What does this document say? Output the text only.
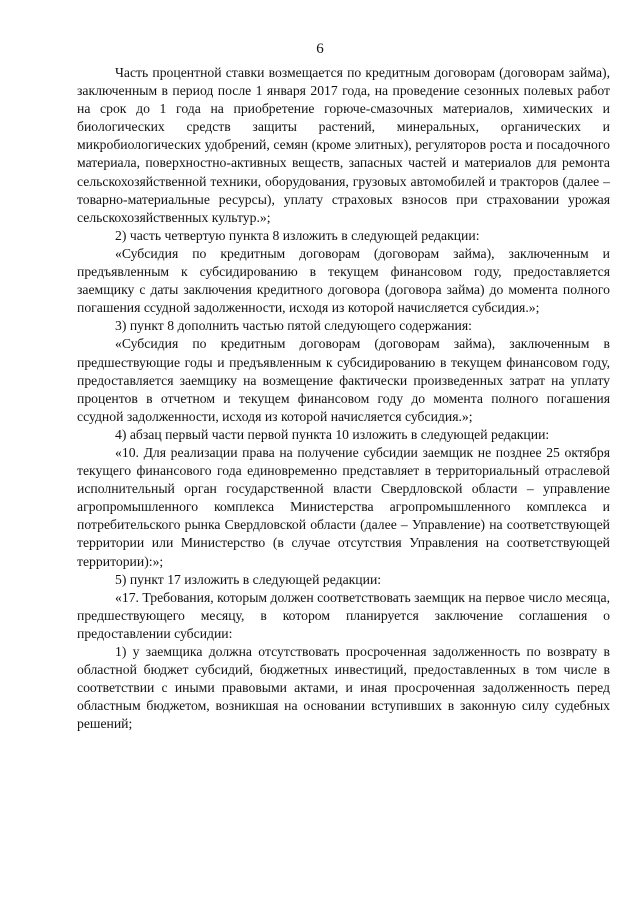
6

Часть процентной ставки возмещается по кредитным договорам (договорам займа), заключенным в период после 1 января 2017 года, на проведение сезонных полевых работ на срок до 1 года на приобретение горюче-смазочных материалов, химических и биологических средств защиты растений, минеральных, органических и микробиологических удобрений, семян (кроме элитных), регуляторов роста и посадочного материала, поверхностно-активных веществ, запасных частей и материалов для ремонта сельскохозяйственной техники, оборудования, грузовых автомобилей и тракторов (далее – товарно-материальные ресурсы), уплату страховых взносов при страховании урожая сельскохозяйственных культур.»;

2) часть четвертую пункта 8 изложить в следующей редакции:

«Субсидия по кредитным договорам (договорам займа), заключенным и предъявленным к субсидированию в текущем финансовом году, предоставляется заемщику с даты заключения кредитного договора (договора займа) до момента полного погашения ссудной задолженности, исходя из которой начисляется субсидия.»;

3) пункт 8 дополнить частью пятой следующего содержания:

«Субсидия по кредитным договорам (договорам займа), заключенным в предшествующие годы и предъявленным к субсидированию в текущем финансовом году, предоставляется заемщику на возмещение фактически произведенных затрат на уплату процентов в отчетном и текущем финансовом году до момента полного погашения ссудной задолженности, исходя из которой начисляется субсидия.»;

4) абзац первый части первой пункта 10 изложить в следующей редакции:

«10. Для реализации права на получение субсидии заемщик не позднее 25 октября текущего финансового года единовременно представляет в территориальный отраслевой исполнительный орган государственной власти Свердловской области – управление агропромышленного комплекса Министерства агропромышленного комплекса и потребительского рынка Свердловской области (далее – Управление) на соответствующей территории или Министерство (в случае отсутствия Управления на соответствующей территории):»;

5) пункт 17 изложить в следующей редакции:

«17. Требования, которым должен соответствовать заемщик на первое число месяца, предшествующего месяцу, в котором планируется заключение соглашения о предоставлении субсидии:

1) у заемщика должна отсутствовать просроченная задолженность по возврату в областной бюджет субсидий, бюджетных инвестиций, предоставленных в том числе в соответствии с иными правовыми актами, и иная просроченная задолженность перед областным бюджетом, возникшая на основании вступивших в законную силу судебных решений;
